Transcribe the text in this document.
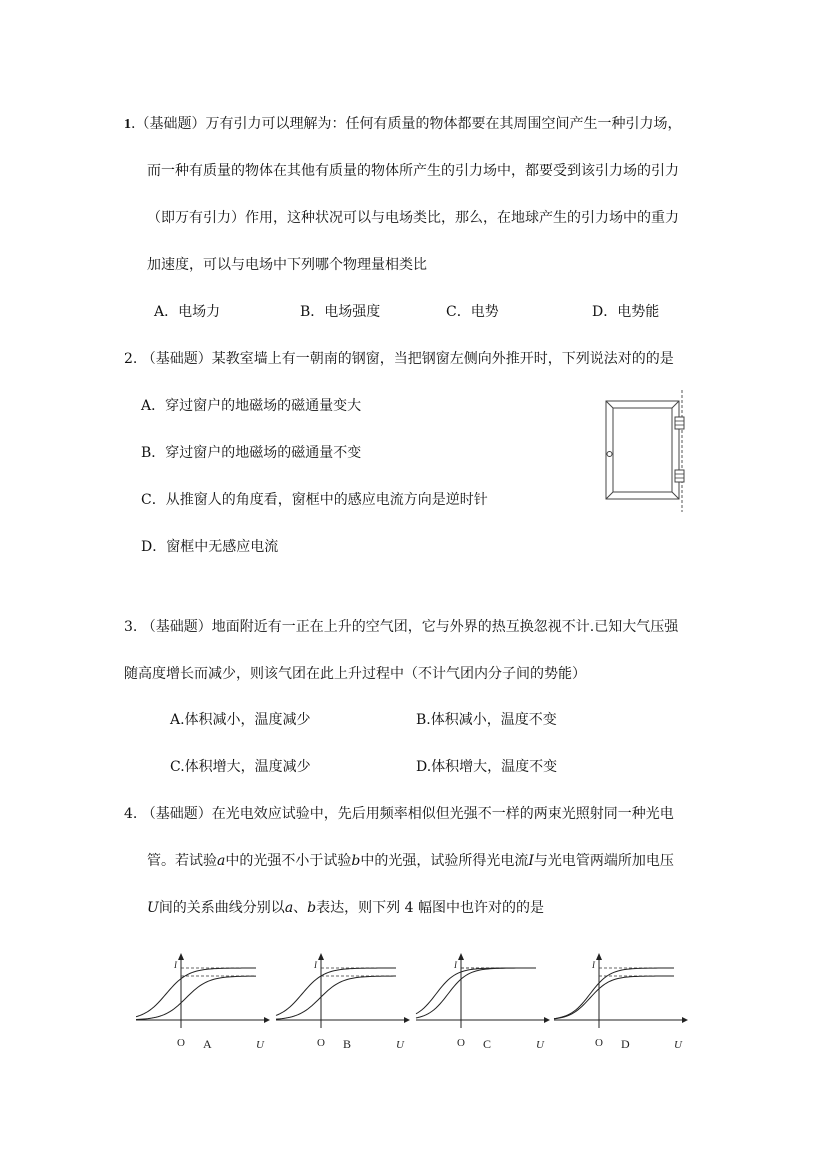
1.（基础题）万有引力可以理解为：任何有质量的物体都要在其周围空间产生一种引力场，
而一种有质量的物体在其他有质量的物体所产生的引力场中，都要受到该引力场的引力
（即万有引力）作用，这种状况可以与电场类比，那么，在地球产生的引力场中的重力
加速度，可以与电场中下列哪个物理量相类比
A．电场力	B．电场强度	C．电势	D．电势能
2. （基础题）某教室墙上有一朝南的钢窗，当把钢窗左侧向外推开时，下列说法对的的是
A．穿过窗户的地磁场的磁通量变大
B．穿过窗户的地磁场的磁通量不变
C．从推窗人的角度看，窗框中的感应电流方向是逆时针
D．窗框中无感应电流
3. （基础题）地面附近有一正在上升的空气团，它与外界的热互换忽视不计.已知大气压强
随高度增长而减少，则该气团在此上升过程中（不计气团内分子间的势能）
A.体积减小，温度减少	B.体积减小，温度不变
C.体积增大，温度减少	D.体积增大，温度不变
4. （基础题）在光电效应试验中，先后用频率相似但光强不一样的两束光照射同一种光电
管。若试验a中的光强不小于试验b中的光强，试验所得光电流I与光电管两端所加电压
U间的关系曲线分别以a、b表达，则下列 4 幅图中也许对的的是
I
O A	U
I
O B	U
I
O C	U
I
O D	U
